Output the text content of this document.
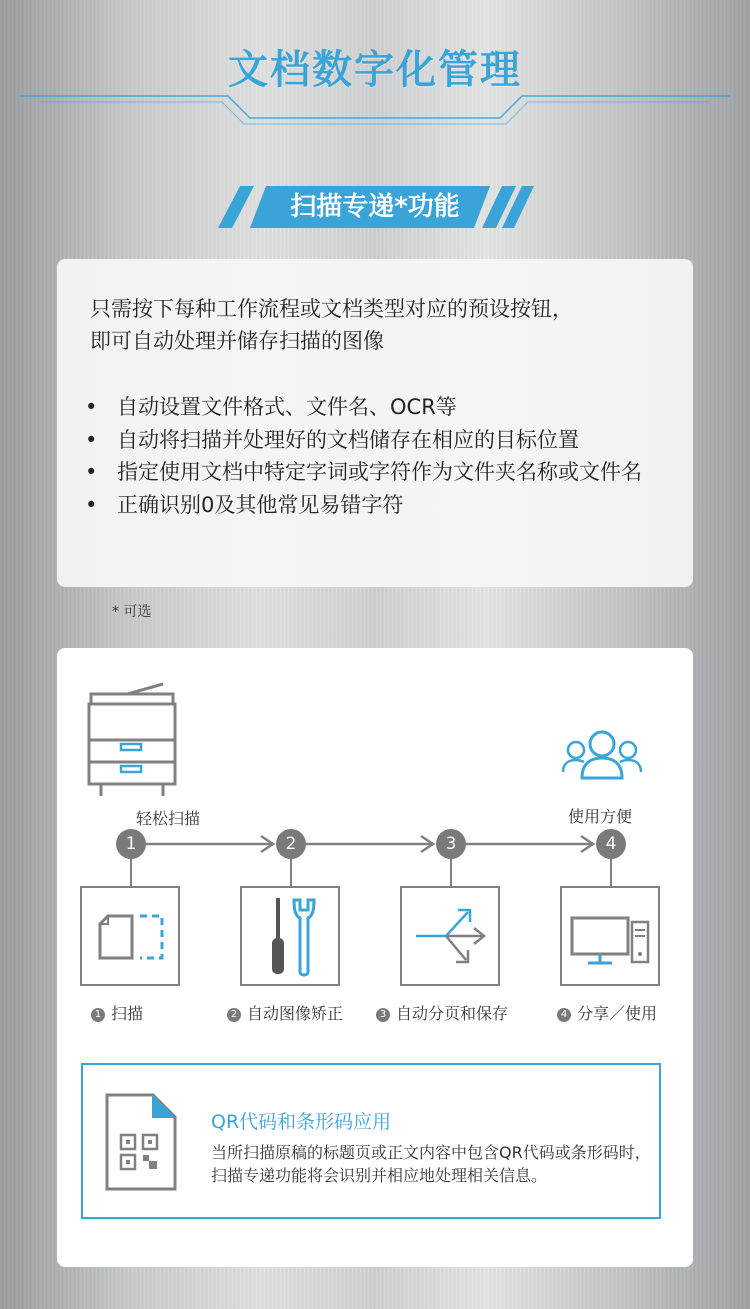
文档数字化管理
扫描专递*功能
只需按下每种工作流程或文档类型对应的预设按钮，
即可自动处理并储存扫描的图像
• 自动设置文件格式、文件名、OCR等
• 自动将扫描并处理好的文档储存在相应的目标位置
• 指定使用文档中特定字词或字符作为文件夹名称或文件名
• 正确识别0及其他常见易错字符
* 可选
轻松扫描	使用方便
1	2	3	4
1 扫描	2 自动图像矫正	3 自动分页和保存	4 分享／使用
QR代码和条形码应用
当所扫描原稿的标题页或正文内容中包含QR代码或条形码时，扫描专递功能将会识别并相应地处理相关信息。
